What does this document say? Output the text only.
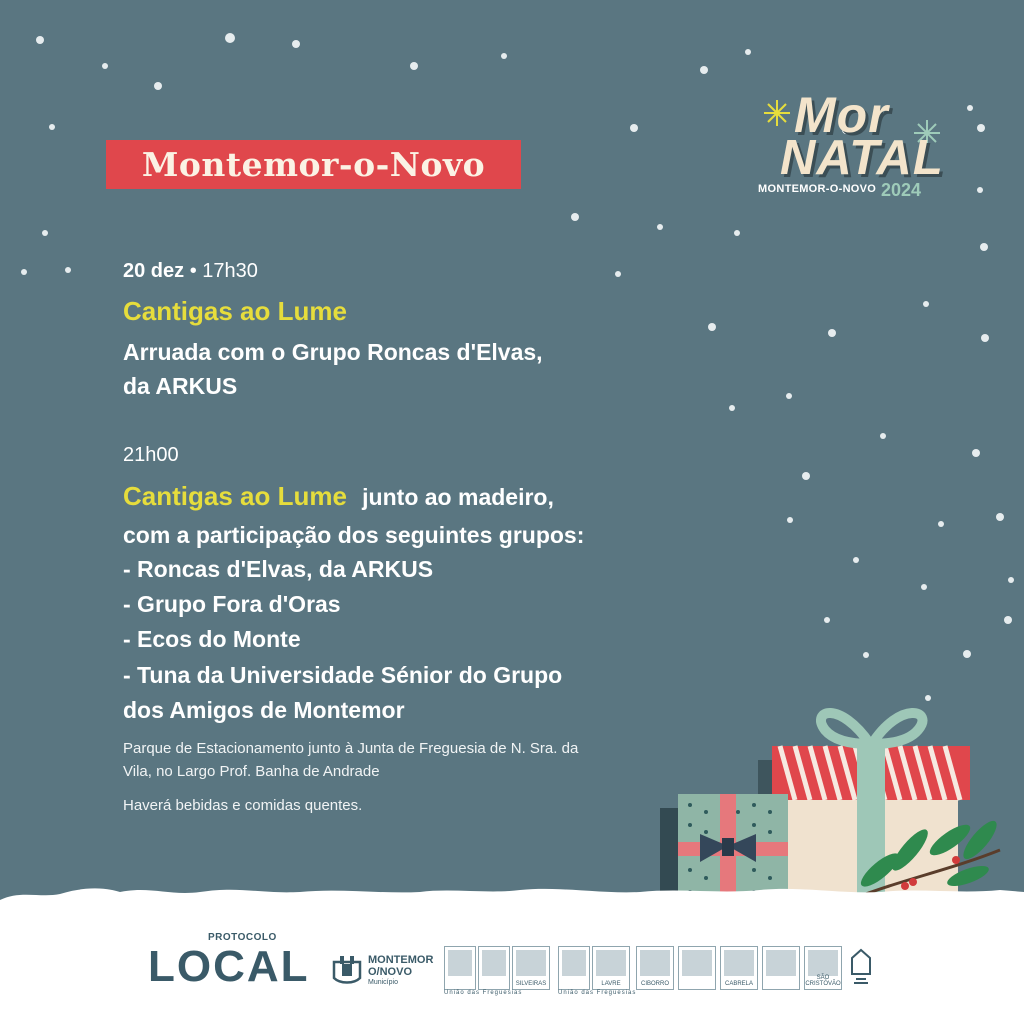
Montemor-o-Novo
Mor
NATAL
MONTEMOR-O-NOVO 2024

20 dez • 17h30

Cantigas ao Lume

Arruada com o Grupo Roncas d'Elvas,

da ARKUS

21h00

Cantigas ao Lume junto ao madeiro,

com a participação dos seguintes grupos:

- Roncas d'Elvas, da ARKUS

- Grupo Fora d'Oras

- Ecos do Monte

- Tuna da Universidade Sénior do Grupo

dos Amigos de Montemor

Parque de Estacionamento junto à Junta de Freguesia de N. Sra. da

Vila, no Largo Prof. Banha de Andrade

Haverá bebidas e comidas quentes.

PROTOCOLO
LOCAL	MONTEMOR
O/NOVO
Município	SILVEIRAS
União das Freguesias
LAVRE
União das Freguesias
CIBORRO	CABRELA
SÃO CRISTÓVÃO
